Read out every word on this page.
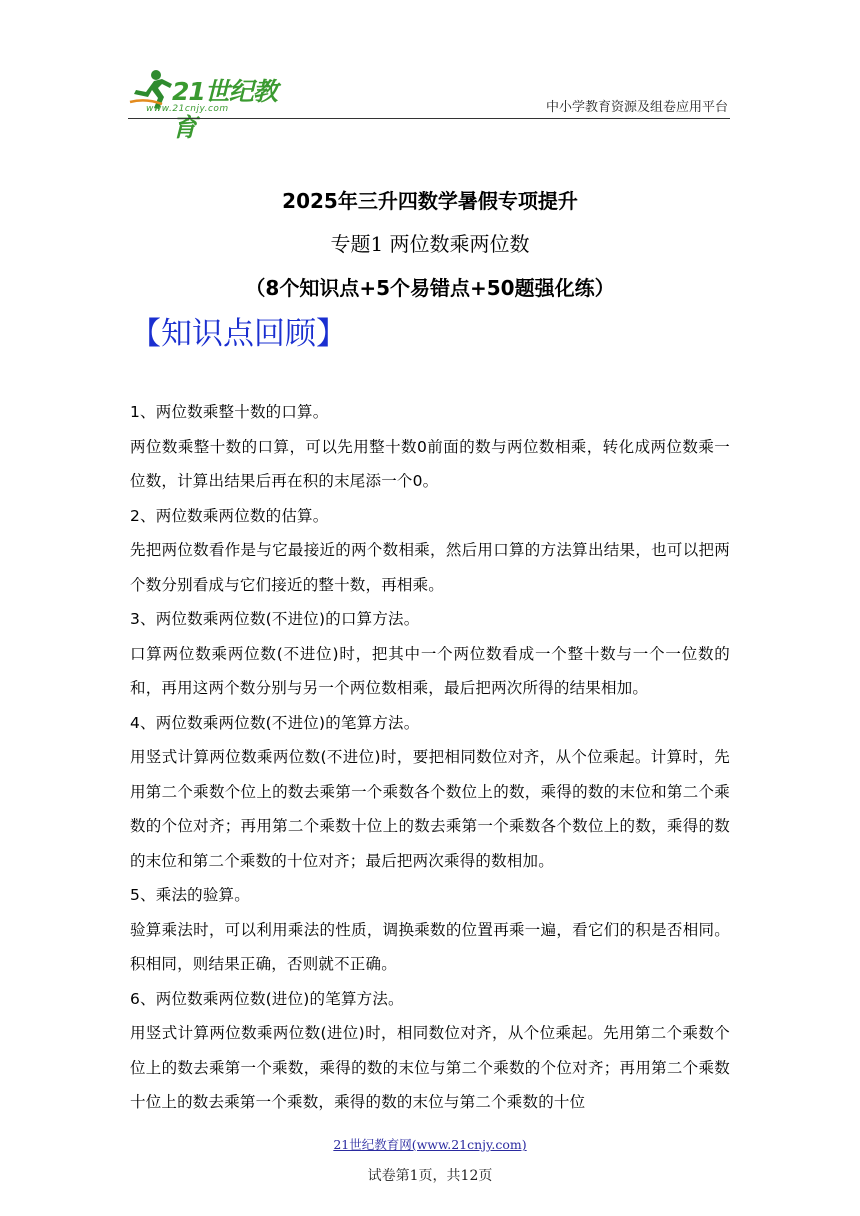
21世纪教育
www.21cnjy.com	中小学教育资源及组卷应用平台
2025年三升四数学暑假专项提升
专题1 两位数乘两位数
（8个知识点+5个易错点+50题强化练）
【知识点回顾】

1、两位数乘整十数的口算。

两位数乘整十数的口算，可以先用整十数0前面的数与两位数相乘，转化成两位数乘一位数，计算出结果后再在积的末尾添一个0。

2、两位数乘两位数的估算。

先把两位数看作是与它最接近的两个数相乘，然后用口算的方法算出结果，也可以把两个数分别看成与它们接近的整十数，再相乘。

3、两位数乘两位数(不进位)的口算方法。

口算两位数乘两位数(不进位)时，把其中一个两位数看成一个整十数与一个一位数的和，再用这两个数分别与另一个两位数相乘，最后把两次所得的结果相加。

4、两位数乘两位数(不进位)的笔算方法。

用竖式计算两位数乘两位数(不进位)时，要把相同数位对齐，从个位乘起。计算时，先用第二个乘数个位上的数去乘第一个乘数各个数位上的数，乘得的数的末位和第二个乘数的个位对齐；再用第二个乘数十位上的数去乘第一个乘数各个数位上的数，乘得的数的末位和第二个乘数的十位对齐；最后把两次乘得的数相加。

5、乘法的验算。

验算乘法时，可以利用乘法的性质，调换乘数的位置再乘一遍，看它们的积是否相同。积相同，则结果正确，否则就不正确。

6、两位数乘两位数(进位)的笔算方法。

用竖式计算两位数乘两位数(进位)时，相同数位对齐，从个位乘起。先用第二个乘数个位上的数去乘第一个乘数，乘得的数的末位与第二个乘数的个位对齐；再用第二个乘数十位上的数去乘第一个乘数，乘得的数的末位与第二个乘数的十位

21世纪教育网(www.21cnjy.com)
试卷第1页，共12页
